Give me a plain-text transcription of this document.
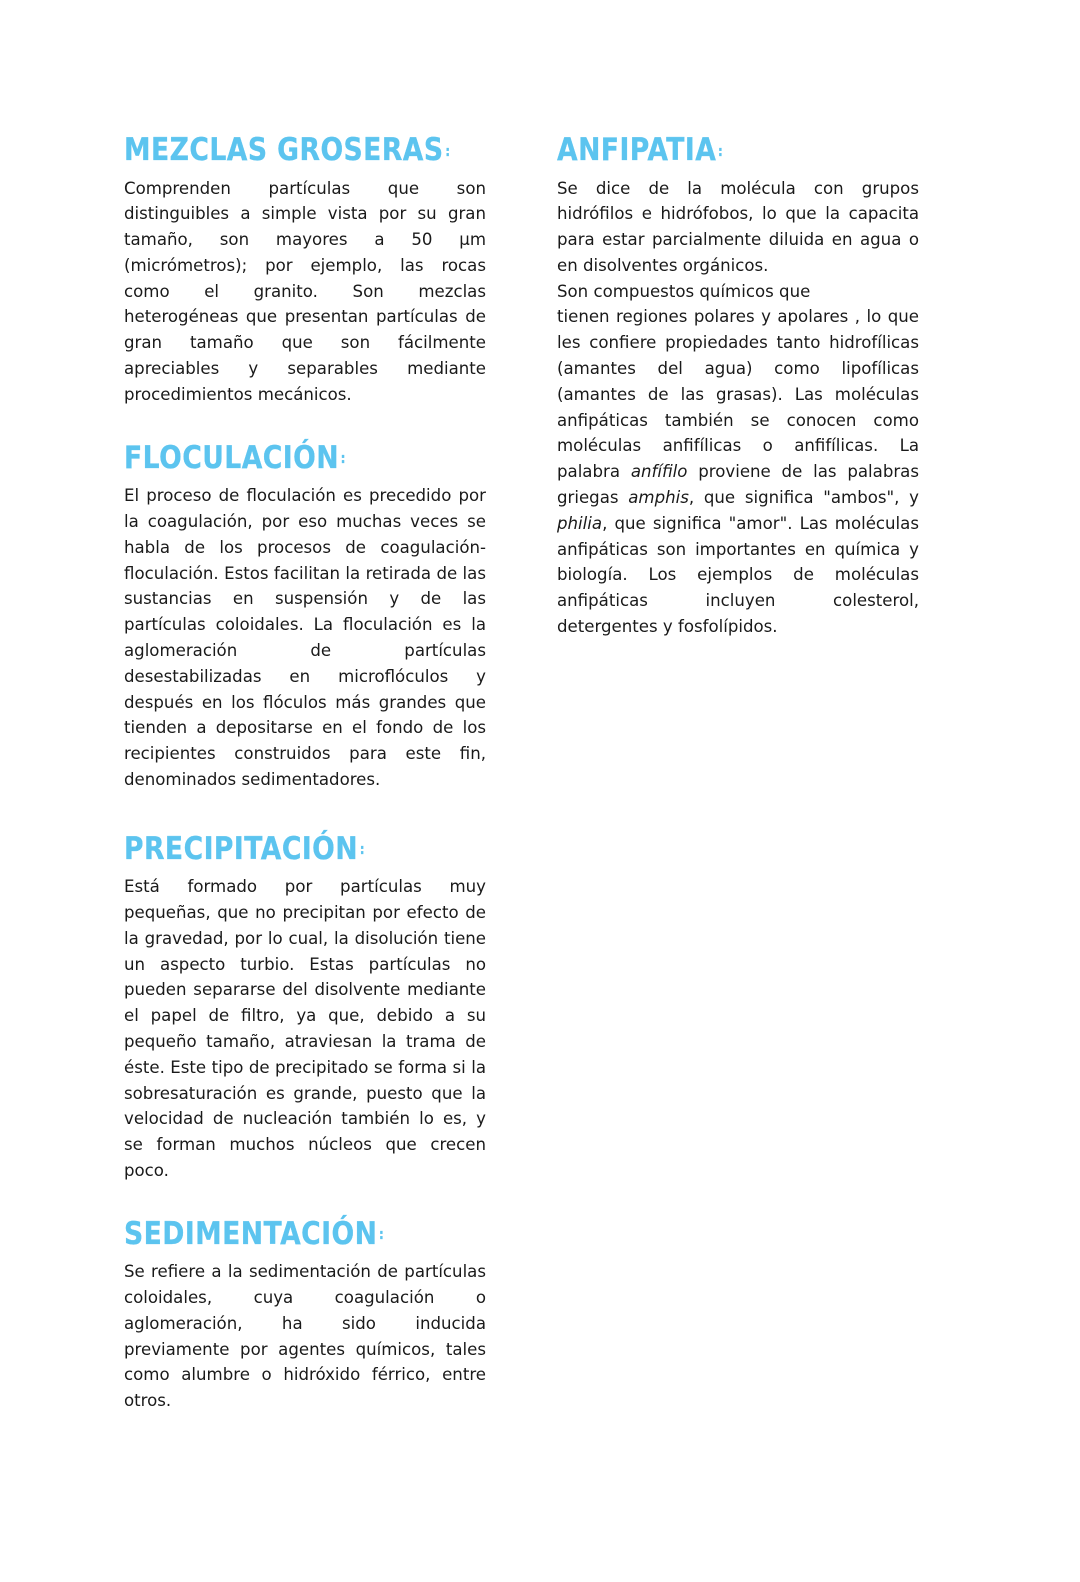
MEZCLAS GROSERAS :

Comprenden partículas que son distinguibles a simple vista por su gran tamaño, son mayores a 50 µm (micrómetros); por ejemplo, las rocas como el granito. Son mezclas heterogéneas que presentan partículas de gran tamaño que son fácilmente apreciables y separables mediante procedimientos mecánicos.

FLOCULACIÓN :

El proceso de floculación es precedido por la coagulación, por eso muchas veces se habla de los procesos de coagulación-floculación. Estos facilitan la retirada de las sustancias en suspensión y de las partículas coloidales. La floculación es la aglomeración de partículas desestabilizadas en microflóculos y después en los flóculos más grandes que tienden a depositarse en el fondo de los recipientes construidos para este fin, denominados sedimentadores.

PRECIPITACIÓN :

Está formado por partículas muy pequeñas, que no precipitan por efecto de la gravedad, por lo cual, la disolución tiene un aspecto turbio. Estas partículas no pueden separarse del disolvente mediante el papel de filtro, ya que, debido a su pequeño tamaño, atraviesan la trama de éste. Este tipo de precipitado se forma si la sobresaturación es grande, puesto que la velocidad de nucleación también lo es, y se forman muchos núcleos que crecen poco.

SEDIMENTACIÓN :

Se refiere a la sedimentación de partículas coloidales, cuya coagulación o aglomeración, ha sido inducida previamente por agentes químicos, tales como alumbre o hidróxido férrico, entre otros.

ANFIPATIA :

Se dice de la molécula con grupos hidrófilos e hidrófobos, lo que la capacita para estar parcialmente diluida en agua o en disolventes orgánicos.

Son compuestos químicos que

tienen regiones polares y apolares , lo que les confiere propiedades tanto hidrofílicas (amantes del agua) como lipofílicas (amantes de las grasas). Las moléculas anfipáticas también se conocen como moléculas anfifílicas o anfifílicas. La palabra anfífilo proviene de las palabras griegas amphis, que significa "ambos", y philia, que significa "amor". Las moléculas anfipáticas son importantes en química y biología. Los ejemplos de moléculas anfipáticas incluyen colesterol, detergentes y fosfolípidos.
